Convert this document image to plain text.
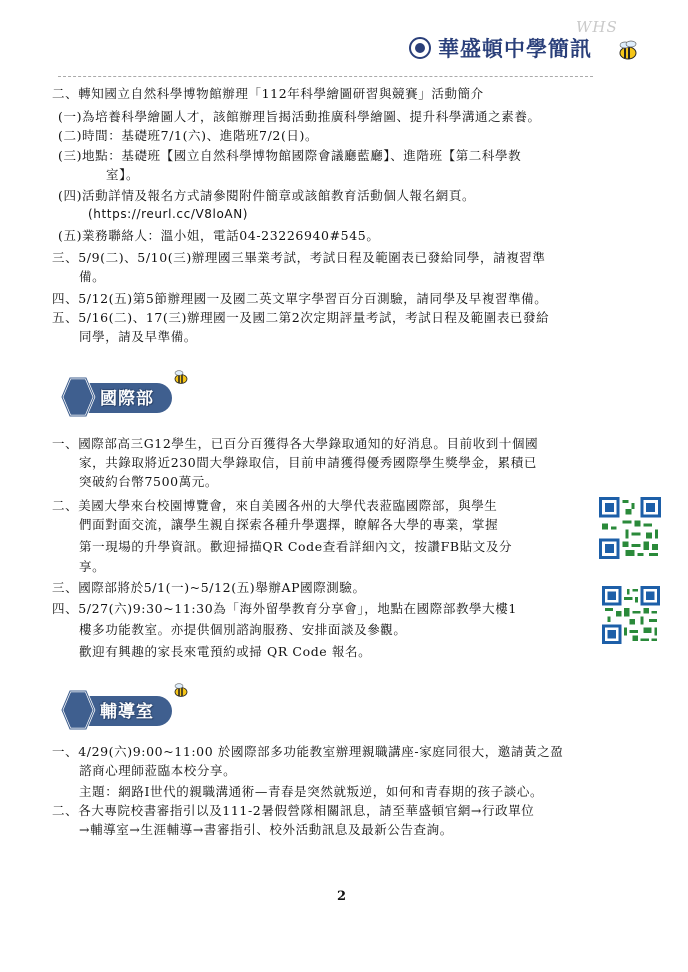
WHS
華盛頓中學簡訊
二、轉知國立自然科學博物館辦理「112年科學繪圖研習與競賽」活動簡介
(一)為培養科學繪圖人才，該館辦理旨揭活動推廣科學繪圖、提升科學溝通之素養。
(二)時間：基礎班7/1(六)、進階班7/2(日)。
(三)地點：基礎班【國立自然科學博物館國際會議廳藍廳】、進階班【第二科學教
室】。
(四)活動詳情及報名方式請參閱附件簡章或該館教育活動個人報名網頁。
(https://reurl.cc/V8loAN)
(五)業務聯絡人：溫小姐，電話04-23226940#545。
三、5/9(二)、5/10(三)辦理國三畢業考試，考試日程及範圍表已發給同學，請複習準
備。
四、5/12(五)第5節辦理國一及國二英文單字學習百分百測驗，請同學及早複習準備。
五、5/16(二)、17(三)辦理國一及國二第2次定期評量考試，考試日程及範圍表已發給
同學，請及早準備。
國際部
一、國際部高三G12學生，已百分百獲得各大學錄取通知的好消息。目前收到十個國
家，共錄取將近230間大學錄取信，目前申請獲得優秀國際學生獎學金，累積已
突破約台幣7500萬元。
二、美國大學來台校園博覽會，來自美國各州的大學代表蒞臨國際部，與學生
們面對面交流，讓學生親自探索各種升學選擇，瞭解各大學的專業，掌握
第一現場的升學資訊。歡迎掃描QR Code查看詳細內文，按讚FB貼文及分
享。
三、國際部將於5/1(一)~5/12(五)舉辦AP國際測驗。
四、5/27(六)9:30~11:30為「海外留學教育分享會」，地點在國際部教學大樓1
樓多功能教室。亦提供個別諮詢服務、安排面談及參觀。
歡迎有興趣的家長來電預約或掃 QR Code 報名。
輔導室
一、4/29(六)9:00~11:00 於國際部多功能教室辦理親職講座-家庭同很大，邀請黃之盈
諮商心理師蒞臨本校分享。
主題：網路I世代的親職溝通術—青春是突然就叛逆，如何和青春期的孩子談心。
二、各大專院校書審指引以及111-2暑假營隊相關訊息，請至華盛頓官網→行政單位
→輔導室→生涯輔導→書審指引、校外活動訊息及最新公告查詢。
2
